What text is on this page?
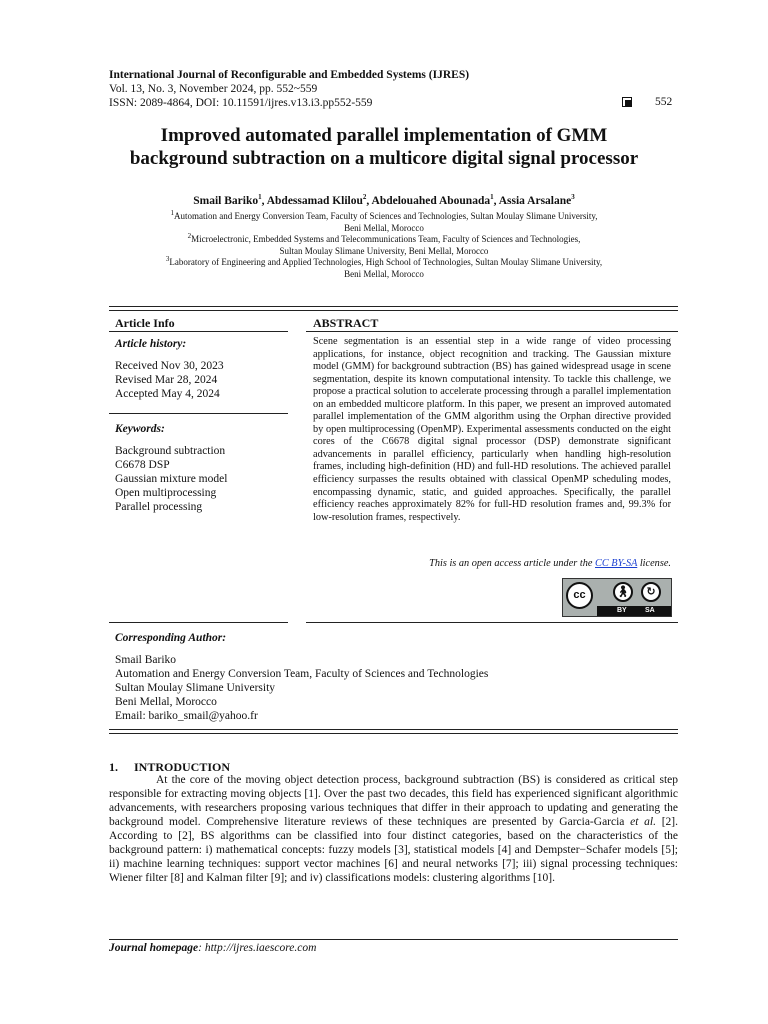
International Journal of Reconfigurable and Embedded Systems (IJRES)
Vol. 13, No. 3, November 2024, pp. 552~559
ISSN: 2089-4864, DOI: 10.11591/ijres.v13.i3.pp552-559	552
Improved automated parallel implementation of GMM
background subtraction on a multicore digital signal processor
Smail Bariko$^1$, Abdessamad Klilou$^2$, Abdelouahed Abounada$^1$, Assia Arsalane$^3$
$^1$Automation and Energy Conversion Team, Faculty of Sciences and Technologies, Sultan Moulay Slimane University,
Beni Mellal, Morocco
$^2$Microelectronic, Embedded Systems and Telecommunications Team, Faculty of Sciences and Technologies,
Sultan Moulay Slimane University, Beni Mellal, Morocco
$^3$Laboratory of Engineering and Applied Technologies, High School of Technologies, Sultan Moulay Slimane University,
Beni Mellal, Morocco
Article Info
Article history:
Received Nov 30, 2023
Revised Mar 28, 2024
Accepted May 4, 2024
Keywords:
Background subtraction
C6678 DSP
Gaussian mixture model
Open multiprocessing
Parallel processing
ABSTRACT
Scene segmentation is an essential step in a wide range of video processing applications, for instance, object recognition and tracking. The Gaussian mixture model (GMM) for background subtraction (BS) has gained widespread usage in scene segmentation, despite its known computational intensity. To tackle this challenge, we propose a practical solution to accelerate processing through a parallel implementation on an embedded multicore platform. In this paper, we present an improved automated parallel implementation of the GMM algorithm using the Orphan directive provided by open multiprocessing (OpenMP). Experimental assessments conducted on the eight cores of the C6678 digital signal processor (DSP) demonstrate significant advancements in parallel efficiency, particularly when handling high-resolution frames, including high-definition (HD) and full-HD resolutions. The achieved parallel efficiency surpasses the results obtained with classical OpenMP scheduling modes, encompassing dynamic, static, and guided approaches. Specifically, the parallel efficiency reaches approximately 82% for full-HD resolution frames and, 99.3% for low-resolution frames, respectively.
This is an open access article under the CC BY-SA license.
cc	🚶︎	↻
BY	SA
Corresponding Author:
Smail Bariko
Automation and Energy Conversion Team, Faculty of Sciences and Technologies
Sultan Moulay Slimane University
Beni Mellal, Morocco
Email: bariko_smail@yahoo.fr
1. INTRODUCTION
At the core of the moving object detection process, background subtraction (BS) is considered as critical step responsible for extracting moving objects [1]. Over the past two decades, this field has experienced significant algorithmic advancements, with researchers proposing various techniques that differ in their approach to updating and generating the background model. Comprehensive literature reviews of these techniques are presented by Garcia-Garcia et al. [2]. According to [2], BS algorithms can be classified into four distinct categories, based on the characteristics of the background pattern: i) mathematical concepts: fuzzy models [3], statistical models [4] and Dempster−Schafer models [5]; ii) machine learning techniques: support vector machines [6] and neural networks [7]; iii) signal processing techniques: Wiener filter [8] and Kalman filter [9]; and iv) classifications models: clustering algorithms [10].
Journal homepage: http://ijres.iaescore.com
